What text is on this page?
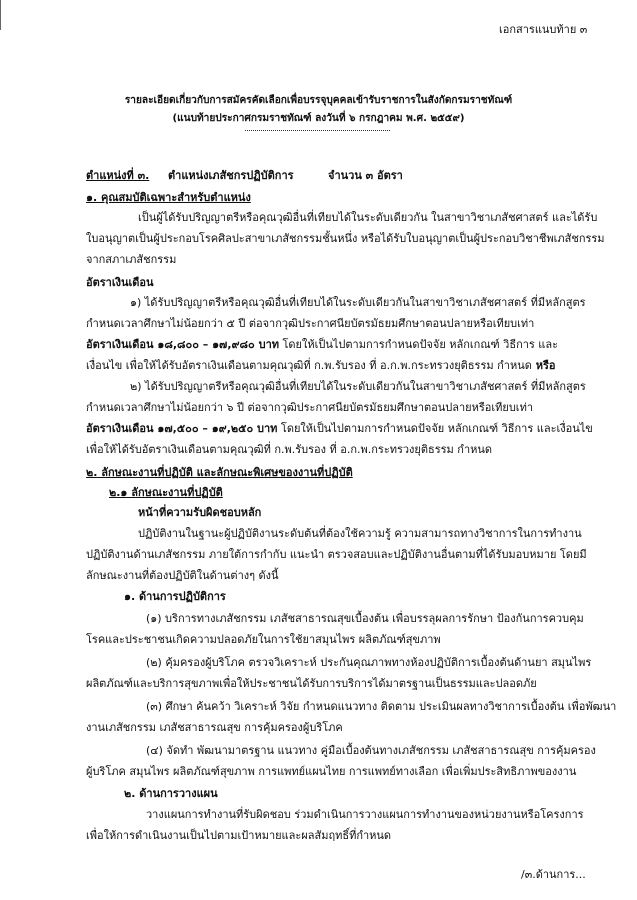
เอกสารแนบท้าย ๓
รายละเอียดเกี่ยวกับการสมัครคัดเลือกเพื่อบรรจุบุคคลเข้ารับราชการในสังกัดกรมราชทัณฑ์
(แนบท้ายประกาศกรมราชทัณฑ์ ลงวันที่ ๖ กรกฎาคม พ.ศ. ๒๕๕๙)
ตำแหน่งที่ ๓. ตำแหน่งเภสัชกรปฏิบัติการ	จำนวน ๓ อัตรา
๑. คุณสมบัติเฉพาะสำหรับตำแหน่ง
เป็นผู้ได้รับปริญญาตรีหรือคุณวุฒิอื่นที่เทียบได้ในระดับเดียวกัน ในสาขาวิชาเภสัชศาสตร์ และได้รับ
ใบอนุญาตเป็นผู้ประกอบโรคศิลปะสาขาเภสัชกรรมชั้นหนึ่ง หรือได้รับใบอนุญาตเป็นผู้ประกอบวิชาชีพเภสัชกรรม
จากสภาเภสัชกรรม
อัตราเงินเดือน
๑) ได้รับปริญญาตรีหรือคุณวุฒิอื่นที่เทียบได้ในระดับเดียวกันในสาขาวิชาเภสัชศาสตร์ ที่มีหลักสูตร
กำหนดเวลาศึกษาไม่น้อยกว่า ๕ ปี ต่อจากวุฒิประกาศนียบัตรมัธยมศึกษาตอนปลายหรือเทียบเท่า
อัตราเงินเดือน ๑๘,๘๐๐ – ๑๗,๙๘๐ บาท โดยให้เป็นไปตามการกำหนดปัจจัย หลักเกณฑ์ วิธีการ และ
เงื่อนไข เพื่อให้ได้รับอัตราเงินเดือนตามคุณวุฒิที่ ก.พ.รับรอง ที่ อ.ก.พ.กระทรวงยุติธรรม กำหนด หรือ
๒) ได้รับปริญญาตรีหรือคุณวุฒิอื่นที่เทียบได้ในระดับเดียวกันในสาขาวิชาเภสัชศาสตร์ ที่มีหลักสูตร
กำหนดเวลาศึกษาไม่น้อยกว่า ๖ ปี ต่อจากวุฒิประกาศนียบัตรมัธยมศึกษาตอนปลายหรือเทียบเท่า
อัตราเงินเดือน ๑๗,๕๐๐ – ๑๙,๒๕๐ บาท โดยให้เป็นไปตามการกำหนดปัจจัย หลักเกณฑ์ วิธีการ และเงื่อนไข
เพื่อให้ได้รับอัตราเงินเดือนตามคุณวุฒิที่ ก.พ.รับรอง ที่ อ.ก.พ.กระทรวงยุติธรรม กำหนด
๒. ลักษณะงานที่ปฏิบัติ และลักษณะพิเศษของงานที่ปฏิบัติ
๒.๑ ลักษณะงานที่ปฏิบัติ
หน้าที่ความรับผิดชอบหลัก
ปฏิบัติงานในฐานะผู้ปฏิบัติงานระดับต้นที่ต้องใช้ความรู้ ความสามารถทางวิชาการในการทำงาน
ปฏิบัติงานด้านเภสัชกรรม ภายใต้การกำกับ แนะนำ ตรวจสอบและปฏิบัติงานอื่นตามที่ได้รับมอบหมาย โดยมี
ลักษณะงานที่ต้องปฏิบัติในด้านต่างๆ ดังนี้
๑. ด้านการปฏิบัติการ
(๑) บริการทางเภสัชกรรม เภสัชสาธารณสุขเบื้องต้น เพื่อบรรลุผลการรักษา ป้องกันการควบคุม
โรคและประชาชนเกิดความปลอดภัยในการใช้ยาสมุนไพร ผลิตภัณฑ์สุขภาพ
(๒) คุ้มครองผู้บริโภค ตรวจวิเคราะห์ ประกันคุณภาพทางห้องปฏิบัติการเบื้องต้นด้านยา สมุนไพร
ผลิตภัณฑ์และบริการสุขภาพเพื่อให้ประชาชนได้รับการบริการได้มาตรฐานเป็นธรรมและปลอดภัย
(๓) ศึกษา ค้นคว้า วิเคราะห์ วิจัย กำหนดแนวทาง ติดตาม ประเมินผลทางวิชาการเบื้องต้น เพื่อพัฒนา
งานเภสัชกรรม เภสัชสาธารณสุข การคุ้มครองผู้บริโภค
(๔) จัดทำ พัฒนามาตรฐาน แนวทาง คู่มือเบื้องต้นทางเภสัชกรรม เภสัชสาธารณสุข การคุ้มครอง
ผู้บริโภค สมุนไพร ผลิตภัณฑ์สุขภาพ การแพทย์แผนไทย การแพทย์ทางเลือก เพื่อเพิ่มประสิทธิภาพของงาน
๒. ด้านการวางแผน
วางแผนการทำงานที่รับผิดชอบ ร่วมดำเนินการวางแผนการทำงานของหน่วยงานหรือโครงการ
เพื่อให้การดำเนินงานเป็นไปตามเป้าหมายและผลสัมฤทธิ์ที่กำหนด
/๓.ด้านการ...
